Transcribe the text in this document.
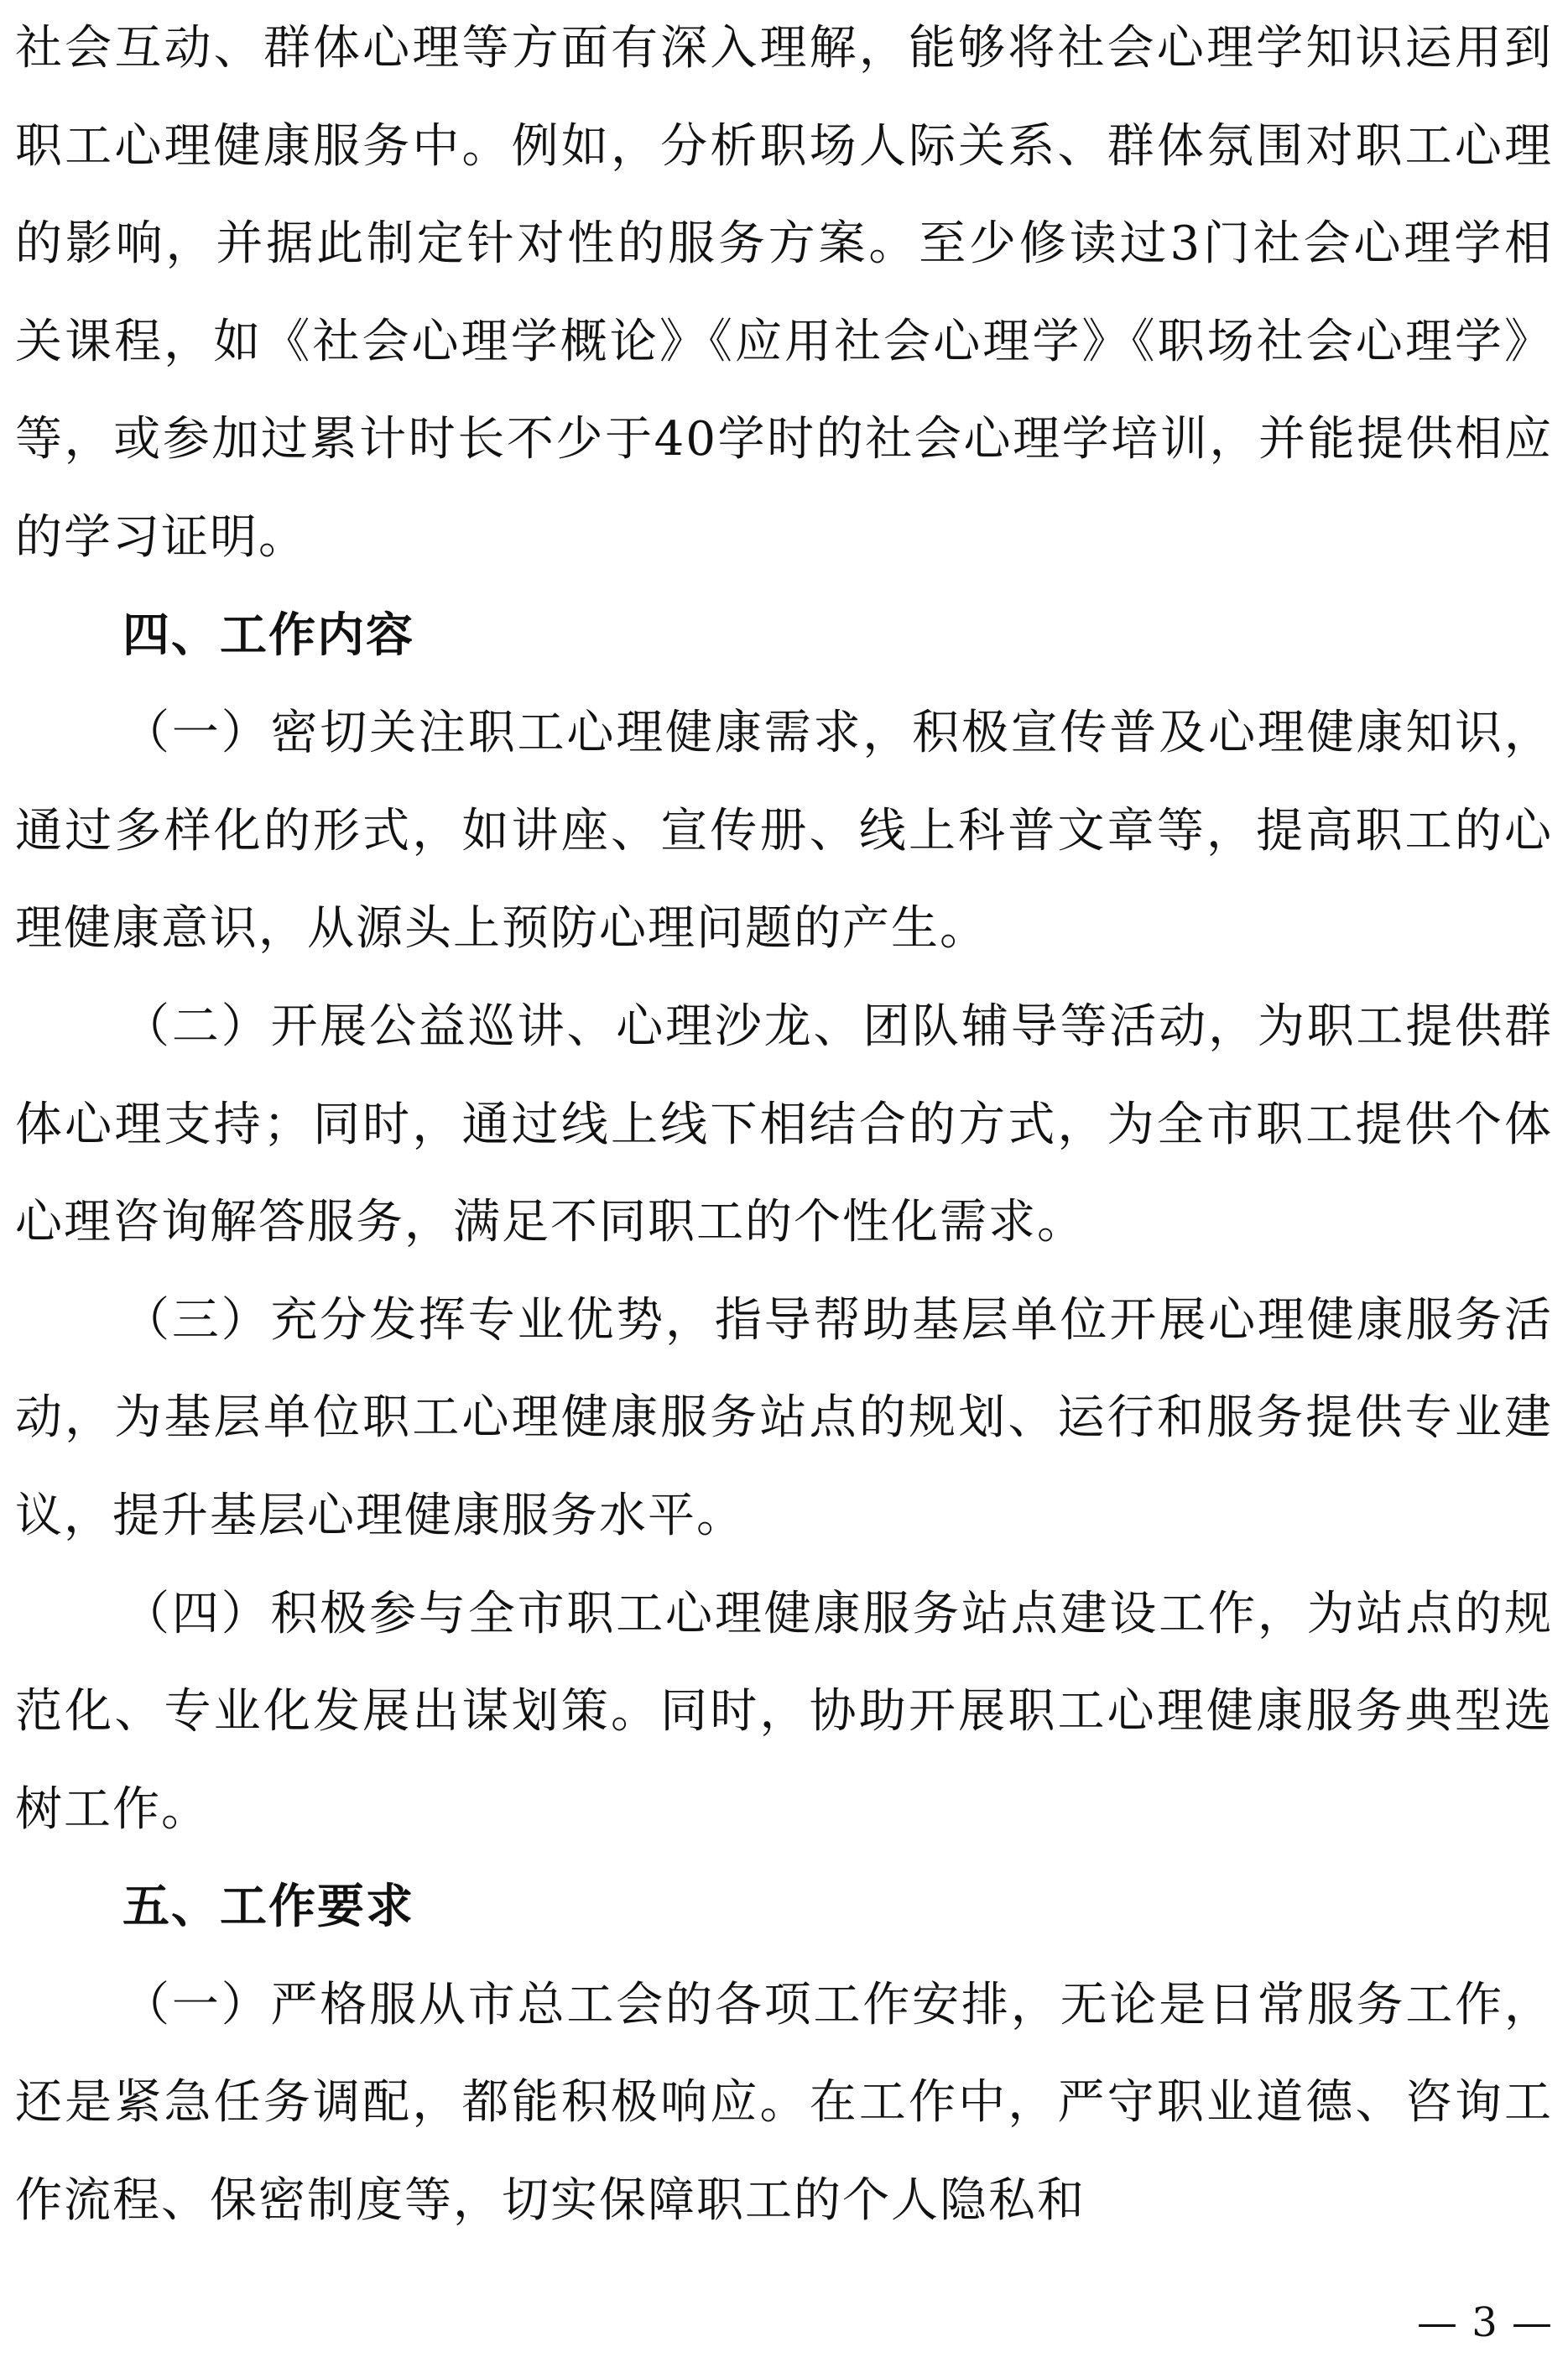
社会互动、群体心理等方面有深入理解，能够将社会心理学知识运用到职工心理健康服务中。例如，分析职场人际关系、群体氛围对职工心理的影响，并据此制定针对性的服务方案。至少修读过3门社会心理学相关课程，如《社会心理学概论》《应用社会心理学》《职场社会心理学》等，或参加过累计时长不少于40学时的社会心理学培训，并能提供相应的学习证明。

四、工作内容

（一）密切关注职工心理健康需求，积极宣传普及心理健康知识，通过多样化的形式，如讲座、宣传册、线上科普文章等，提高职工的心理健康意识，从源头上预防心理问题的产生。

（二）开展公益巡讲、心理沙龙、团队辅导等活动，为职工提供群体心理支持；同时，通过线上线下相结合的方式，为全市职工提供个体心理咨询解答服务，满足不同职工的个性化需求。

（三）充分发挥专业优势，指导帮助基层单位开展心理健康服务活动，为基层单位职工心理健康服务站点的规划、运行和服务提供专业建议，提升基层心理健康服务水平。

（四）积极参与全市职工心理健康服务站点建设工作，为站点的规范化、专业化发展出谋划策。同时，协助开展职工心理健康服务典型选树工作。

五、工作要求

（一）严格服从市总工会的各项工作安排，无论是日常服务工作，还是紧急任务调配，都能积极响应。在工作中，严守职业道德、咨询工作流程、保密制度等，切实保障职工的个人隐私和

— 3 —
